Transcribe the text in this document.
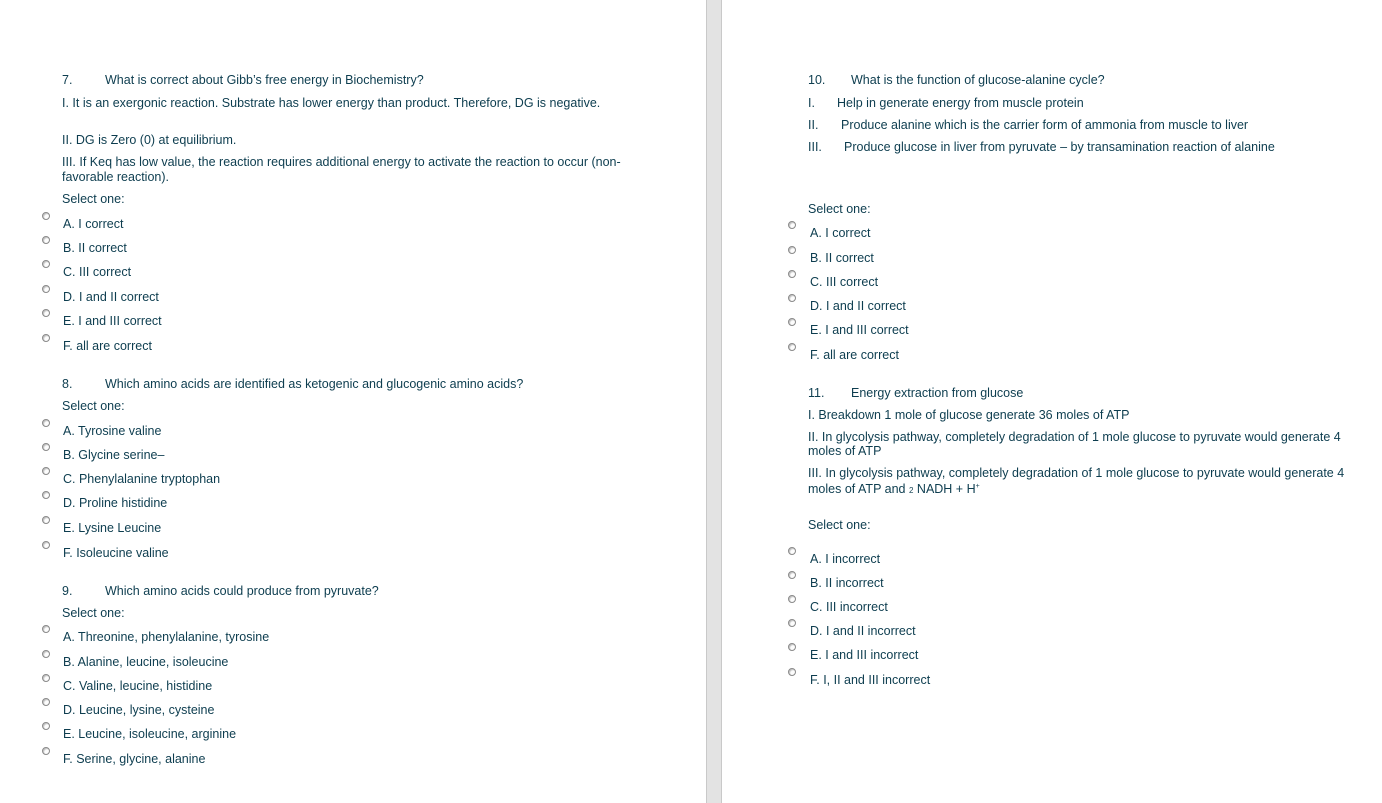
7.	What is correct about Gibb’s free energy in Biochemistry?
I. It is an exergonic reaction. Substrate has lower energy than product. Therefore, DG is negative.
II. DG is Zero (0) at equilibrium.
III. If Keq has low value, the reaction requires additional energy to activate the reaction to occur (non-favorable reaction).
Select one:
A. I correct
B. II correct
C. III correct
D. I and II correct
E. I and III correct
F. all are correct
8.	Which amino acids are identified as ketogenic and glucogenic amino acids?
Select one:
A. Tyrosine valine
B. Glycine serine–
C. Phenylalanine tryptophan
D. Proline histidine
E. Lysine Leucine
F. Isoleucine valine
9.	Which amino acids could produce from pyruvate?
Select one:
A. Threonine, phenylalanine, tyrosine
B. Alanine, leucine, isoleucine
C. Valine, leucine, histidine
D. Leucine, lysine, cysteine
E. Leucine, isoleucine, arginine
F. Serine, glycine, alanine
10. What is the function of glucose-alanine cycle?
I. Help in generate energy from muscle protein
II. Produce alanine which is the carrier form of ammonia from muscle to liver
III. Produce glucose in liver from pyruvate – by transamination reaction of alanine
Select one:
A. I correct
B. II correct
C. III correct
D. I and II correct
E. I and III correct
F. all are correct
11. Energy extraction from glucose
I. Breakdown 1 mole of glucose generate 36 moles of ATP
II. In glycolysis pathway, completely degradation of 1 mole glucose to pyruvate would generate 4 moles of ATP
III. In glycolysis pathway, completely degradation of 1 mole glucose to pyruvate would generate 4 moles of ATP and 2 NADH + H+
Select one:
A. I incorrect
B. II incorrect
C. III incorrect
D. I and II incorrect
E. I and III incorrect
F. I, II and III incorrect
